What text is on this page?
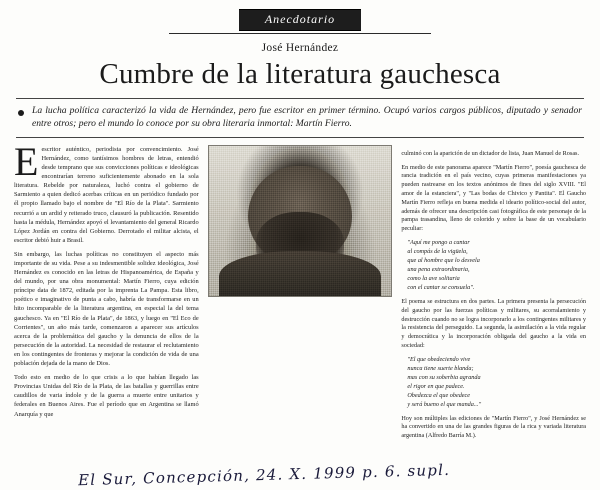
Anecdotario
José Hernández
Cumbre de la literatura gauchesca
La lucha política caracterizó la vida de Hernández, pero fue escritor en primer término. Ocupó varios cargos públicos, diputado y senador entre otros; pero el mundo lo conoce por su obra literaria inmortal: Martín Fierro.

Eescritor auténtico, periodista por convencimiento. José Hernández, como tantísimos hombres de letras, entendió desde temprano que sus convicciones políticas e ideológicas encontrarían terreno suficientemente abonado en la sola literatura. Rebelde por naturaleza, luchó contra el gobierno de Sarmiento a quien dedicó acerbas críticas en un periódico fundado por él propio llamado bajo el nombre de "El Río de la Plata". Sarmiento recurrió a un ardid y reiterado truco, clausuró la publicación. Resentido hasta la médula, Hernández apoyó el levantamiento del general Ricardo López Jordán en contra del Gobierno. Derrotado el militar alcista, el escritor debió huir a Brasil.

Sin embargo, las luchas políticas no constituyen el aspecto más importante de su vida. Pese a su indesmentible solidez ideológica, José Hernández es conocido en las letras de Hispanoamérica, de España y del mundo, por una obra monumental: Martín Fierro, cuya edición príncipe data de 1872, editada por la imprenta La Pampa. Esta libro, poético e imaginativo de punta a cabo, habría de transformarse en un hito incomparable de la literatura argentina, en especial la del tema gauchesco. Ya en "El Río de la Plata", de 1863, y luego en "El Eco de Corrientes", un año más tarde, comenzaron a aparecer sus artículos acerca de la problemática del gaucho y la denuncia de ellos de la persecución de la autoridad. La necesidad de restaurar el reclutamiento en los contingentes de fronteras y mejorar la condición de vida de una población dejada de la mano de Dios.

Todo esto en medio de lo que crisis a lo que habían llegado las Provincias Unidas del Río de la Plata, de las batallas y guerrillas entre caudillos de varia índole y de la guerra a muerte entre unitarios y federales en Buenos Aires. Fue el período que en Argentina se llamó Anarquía y que

culminó con la aparición de un dictador de lista, Juan Manuel de Rosas.

En medio de este panorama aparece "Martín Fierro", poesía gauchesca de rancia tradición en el país vecino, cuyas primeras manifestaciones ya pueden rastrearse en los textos anónimos de fines del siglo XVIII. "El amor de la estanciera", y "Las bodas de Chivico y Pantita". El Gaucho Martín Fierro refleja en buena medida el ideario político-social del autor, además de ofrecer una descripción casi fotográfica de este personaje de la pampa trasandina, lleno de colorido y sobre la base de un vocabulario peculiar:

"Aquí me pongo a cantar
al compás de la vigüela,
que al hombre que lo desvela
una pena extraordinaria,
como la ave solitaria
con el cantar se consuela".

El poema se estructura en dos partes. La primera presenta la persecución del gaucho por las fuerzas políticas y militares, su acorralamiento y destrucción cuando no se logra incorporarlo a los contingentes militares y la resistencia del perseguido. La segunda, la asimilación a la vida regular y democrática y la incorporación obligada del gaucho a la vida en sociedad:

"El que obedeciendo vive
nunca tiene suerte blanda;
mas con su soberbia agranda
el rigor en que padece.
Obedezca el que obedece
y será bueno el que manda..."

Hoy son múltiples las ediciones de "Martín Fierro", y José Hernández se ha convertido en una de las grandes figuras de la rica y variada literatura argentina (Alfredo Barría M.).

El Sur, Concepción, 24. X. 1999 p. 6. supl.
